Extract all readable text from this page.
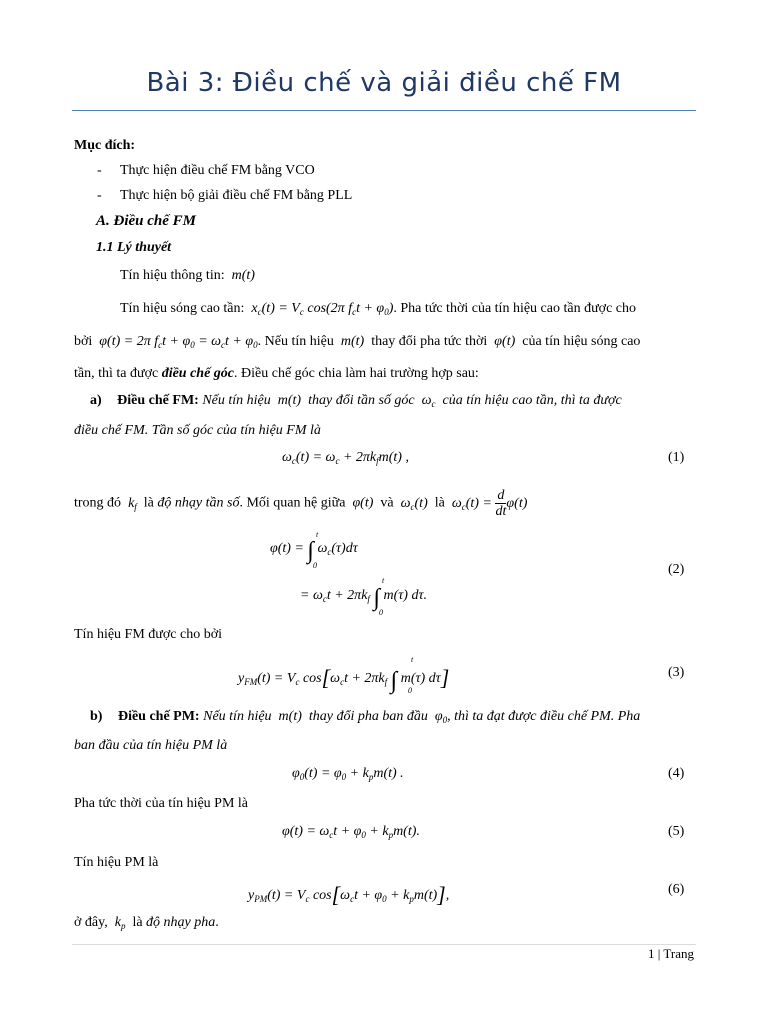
Bài 3: Điều chế và giải điều chế FM
Mục đích:
- Thực hiện điều chế FM bằng VCO
- Thực hiện bộ giải điều chế FM bằng PLL
A. Điều chế FM
1.1 Lý thuyết
Tín hiệu thông tin:  m(t)
Tín hiệu sóng cao tần:  $x_c(t) = V_c$ cos(2π $f_ct + \varphi_0$). Pha tức thời của tín hiệu cao tần được cho
bởi  φ(t) = 2π $f_ct + \varphi_0 = \omega_ct + \varphi_0$. Nếu tín hiệu  m(t)  thay đổi pha tức thời  φ(t)  của tín hiệu sóng cao
tần, thì ta được điều chế góc. Điều chế góc chia làm hai trường hợp sau:
a) Điều chế FM: Nếu tín hiệu  m(t)  thay đổi tần số góc  $\omega_c$ của tín hiệu cao tần, thì ta được
điều chế FM. Tần số góc của tín hiệu FM là
$\omega_c(t) = \omega_c + 2\pi k_fm(t)$ ,	(1)
trong đó  $k_f$ là độ nhạy tần số. Mối quan hệ giữa  φ(t)  và  $\omega_c(t)$  là  $\omega_c(t) = \frac{d}{dt} \varphi(t)$
φ(t) = ∫ $\omega_c(\tau)d\tau$
t
0
= $\omega_ct + 2\pi k_f$ ∫ m(τ) dτ.
t
0
(2)
Tín hiệu FM được cho bởi
$y_{FM}(t) = V_c$ $\cos[\omega_ct + 2\pi k_f$ ∫ m(τ) dτ]
t
0
(3)
b) Điều chế PM: Nếu tín hiệu  m(t)  thay đổi pha ban đầu  $\varphi_0$, thì ta đạt được điều chế PM. Pha
ban đầu của tín hiệu PM là
$\varphi_0(t) = \varphi_0 + k_pm(t)$ .	(4)
Pha tức thời của tín hiệu PM là
$\varphi(t) = \omega_ct + \varphi_0 + k_pm(t)$.	(5)
Tín hiệu PM là
$y_{PM}(t) = V_c$ $\cos[\omega_ct + \varphi_0 + k_pm(t)]$,	(6)
ở đây,  $k_p$ là độ nhạy pha.
1 | Trang
